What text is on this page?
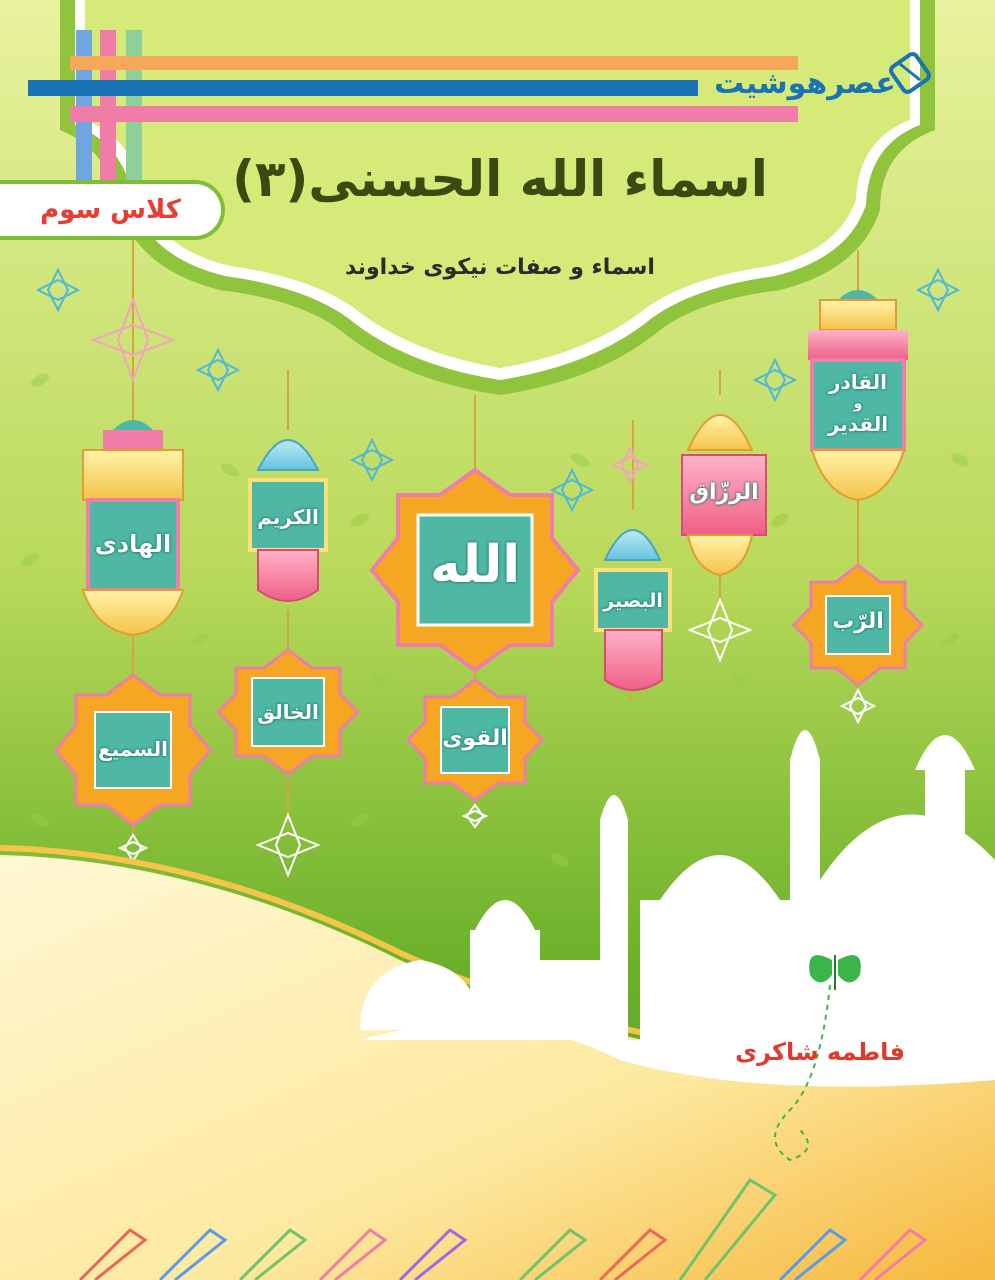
عصرهوشیت
اسماء الله الحسنی(۳)
اسماء و صفات نیکوی خداوند
کلاس سوم
الهادی
الکریم
الله
البصیر
الرزّاق
القادر
و
القدیر
الرّب
السمیع
الخالق
القوی
فاطمه شاکری
